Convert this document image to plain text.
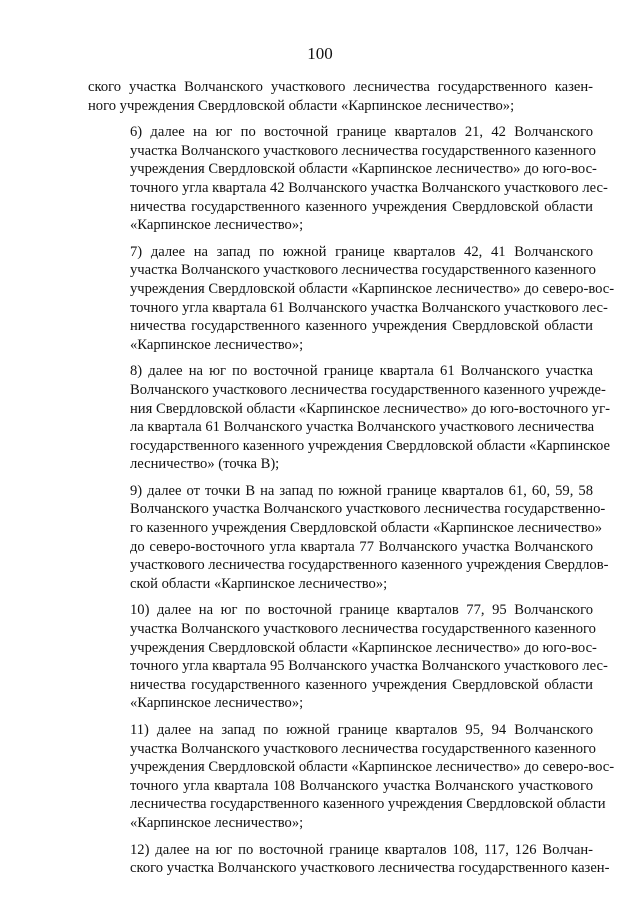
100

ского участка Волчанского участкового лесничества государственного казен-
ного учреждения Свердловской области «Карпинское лесничество»;

6) далее на юг по восточной границе кварталов 21, 42 Волчанского
участка Волчанского участкового лесничества государственного казенного
учреждения Свердловской области «Карпинское лесничество» до юго-вос-
точного угла квартала 42 Волчанского участка Волчанского участкового лес-
ничества государственного казенного учреждения Свердловской области
«Карпинское лесничество»;

7) далее на запад по южной границе кварталов 42, 41 Волчанского
участка Волчанского участкового лесничества государственного казенного
учреждения Свердловской области «Карпинское лесничество» до северо-вос-
точного угла квартала 61 Волчанского участка Волчанского участкового лес-
ничества государственного казенного учреждения Свердловской области
«Карпинское лесничество»;

8) далее на юг по восточной границе квартала 61 Волчанского участка
Волчанского участкового лесничества государственного казенного учрежде-
ния Свердловской области «Карпинское лесничество» до юго-восточного уг-
ла квартала 61 Волчанского участка Волчанского участкового лесничества
государственного казенного учреждения Свердловской области «Карпинское
лесничество» (точка В);

9) далее от точки В на запад по южной границе кварталов 61, 60, 59, 58
Волчанского участка Волчанского участкового лесничества государственно-
го казенного учреждения Свердловской области «Карпинское лесничество»
до северо-восточного угла квартала 77 Волчанского участка Волчанского
участкового лесничества государственного казенного учреждения Свердлов-
ской области «Карпинское лесничество»;

10) далее на юг по восточной границе кварталов 77, 95 Волчанского
участка Волчанского участкового лесничества государственного казенного
учреждения Свердловской области «Карпинское лесничество» до юго-вос-
точного угла квартала 95 Волчанского участка Волчанского участкового лес-
ничества государственного казенного учреждения Свердловской области
«Карпинское лесничество»;

11) далее на запад по южной границе кварталов 95, 94 Волчанского
участка Волчанского участкового лесничества государственного казенного
учреждения Свердловской области «Карпинское лесничество» до северо-вос-
точного угла квартала 108 Волчанского участка Волчанского участкового
лесничества государственного казенного учреждения Свердловской области
«Карпинское лесничество»;

12) далее на юг по восточной границе кварталов 108, 117, 126 Волчан-
ского участка Волчанского участкового лесничества государственного казен-
